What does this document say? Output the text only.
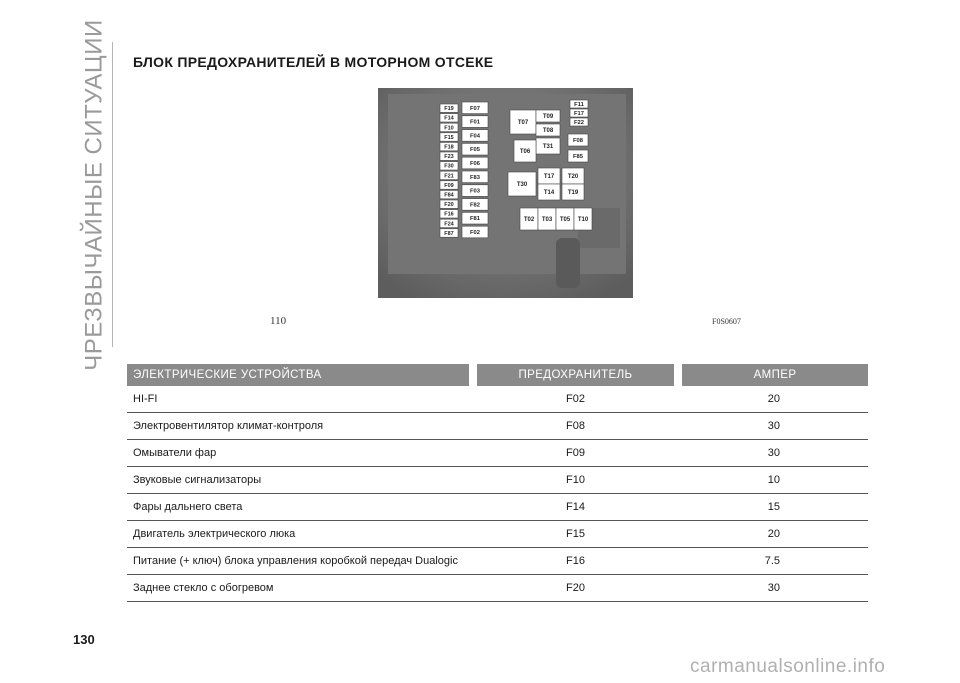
ЧРЕЗВЫЧАЙНЫЕ СИТУАЦИИ БЛОК ПРЕДОХРАНИТЕЛЕЙ В МОТОРНОМ ОТСЕКЕ
F19
F14
F10
F15
F18
F23
F30
F21
F09
F84
F20
F16
F24
F87
F07
F01
F04
F05
F06
F83
F03
F82
F81
F02
T07
T09
T08
T31
T06
T30
T17 T20
T14 T19
T02 T03 T05 T10
F11
F17
F22
F08
F85
110	F0S0607
ЭЛЕКТРИЧЕСКИЕ УСТРОЙСТВА		ПРЕДОХРАНИТЕЛЬ		АМПЕР
HI-FI		F02		20
Электровентилятор климат-контроля		F08		30
Омыватели фар		F09		30
Звуковые сигнализаторы		F10		10
Фары дальнего света		F14		15
Двигатель электрического люка		F15		20
Питание (+ ключ) блока управления коробкой передач Dualogic		F16		7.5
Заднее стекло с обогревом		F20		30
130
carmanualsonline.info
